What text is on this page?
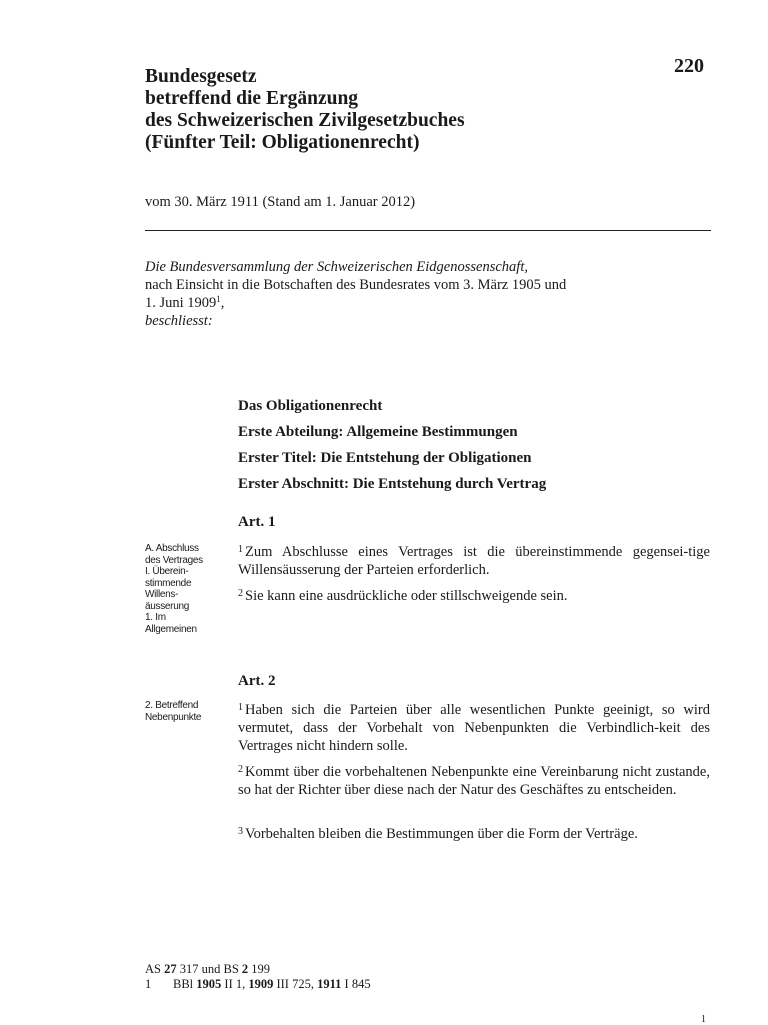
220
Bundesgesetz
betreffend die Ergänzung
des Schweizerischen Zivilgesetzbuches
(Fünfter Teil: Obligationenrecht)
vom 30. März 1911 (Stand am 1. Januar 2012)
Die Bundesversammlung der Schweizerischen Eidgenossenschaft,
nach Einsicht in die Botschaften des Bundesrates vom 3. März 1905 und
1. Juni 1909$^1$,
beschliesst:
Das Obligationenrecht
Erste Abteilung: Allgemeine Bestimmungen
Erster Titel: Die Entstehung der Obligationen
Erster Abschnitt: Die Entstehung durch Vertrag
Art. 1
A. Abschluss
des Vertrages
I. Überein-
stimmende
Willens-
äusserung
1. Im
Allgemeinen
$^1$ Zum Abschlusse eines Vertrages ist die übereinstimmende gegensei-tige Willensäusserung der Parteien erforderlich.
$^2$ Sie kann eine ausdrückliche oder stillschweigende sein.
Art. 2
2. Betreffend
Nebenpunkte
$^1$ Haben sich die Parteien über alle wesentlichen Punkte geeinigt, so wird vermutet, dass der Vorbehalt von Nebenpunkten die Verbindlich-keit des Vertrages nicht hindern solle.
$^2$ Kommt über die vorbehaltenen Nebenpunkte eine Vereinbarung nicht zustande, so hat der Richter über diese nach der Natur des Geschäftes zu entscheiden.
$^3$ Vorbehalten bleiben die Bestimmungen über die Form der Verträge.
AS 27 317 und BS 2 199
1 BBl 1905 II 1, 1909 III 725, 1911 I 845
1
